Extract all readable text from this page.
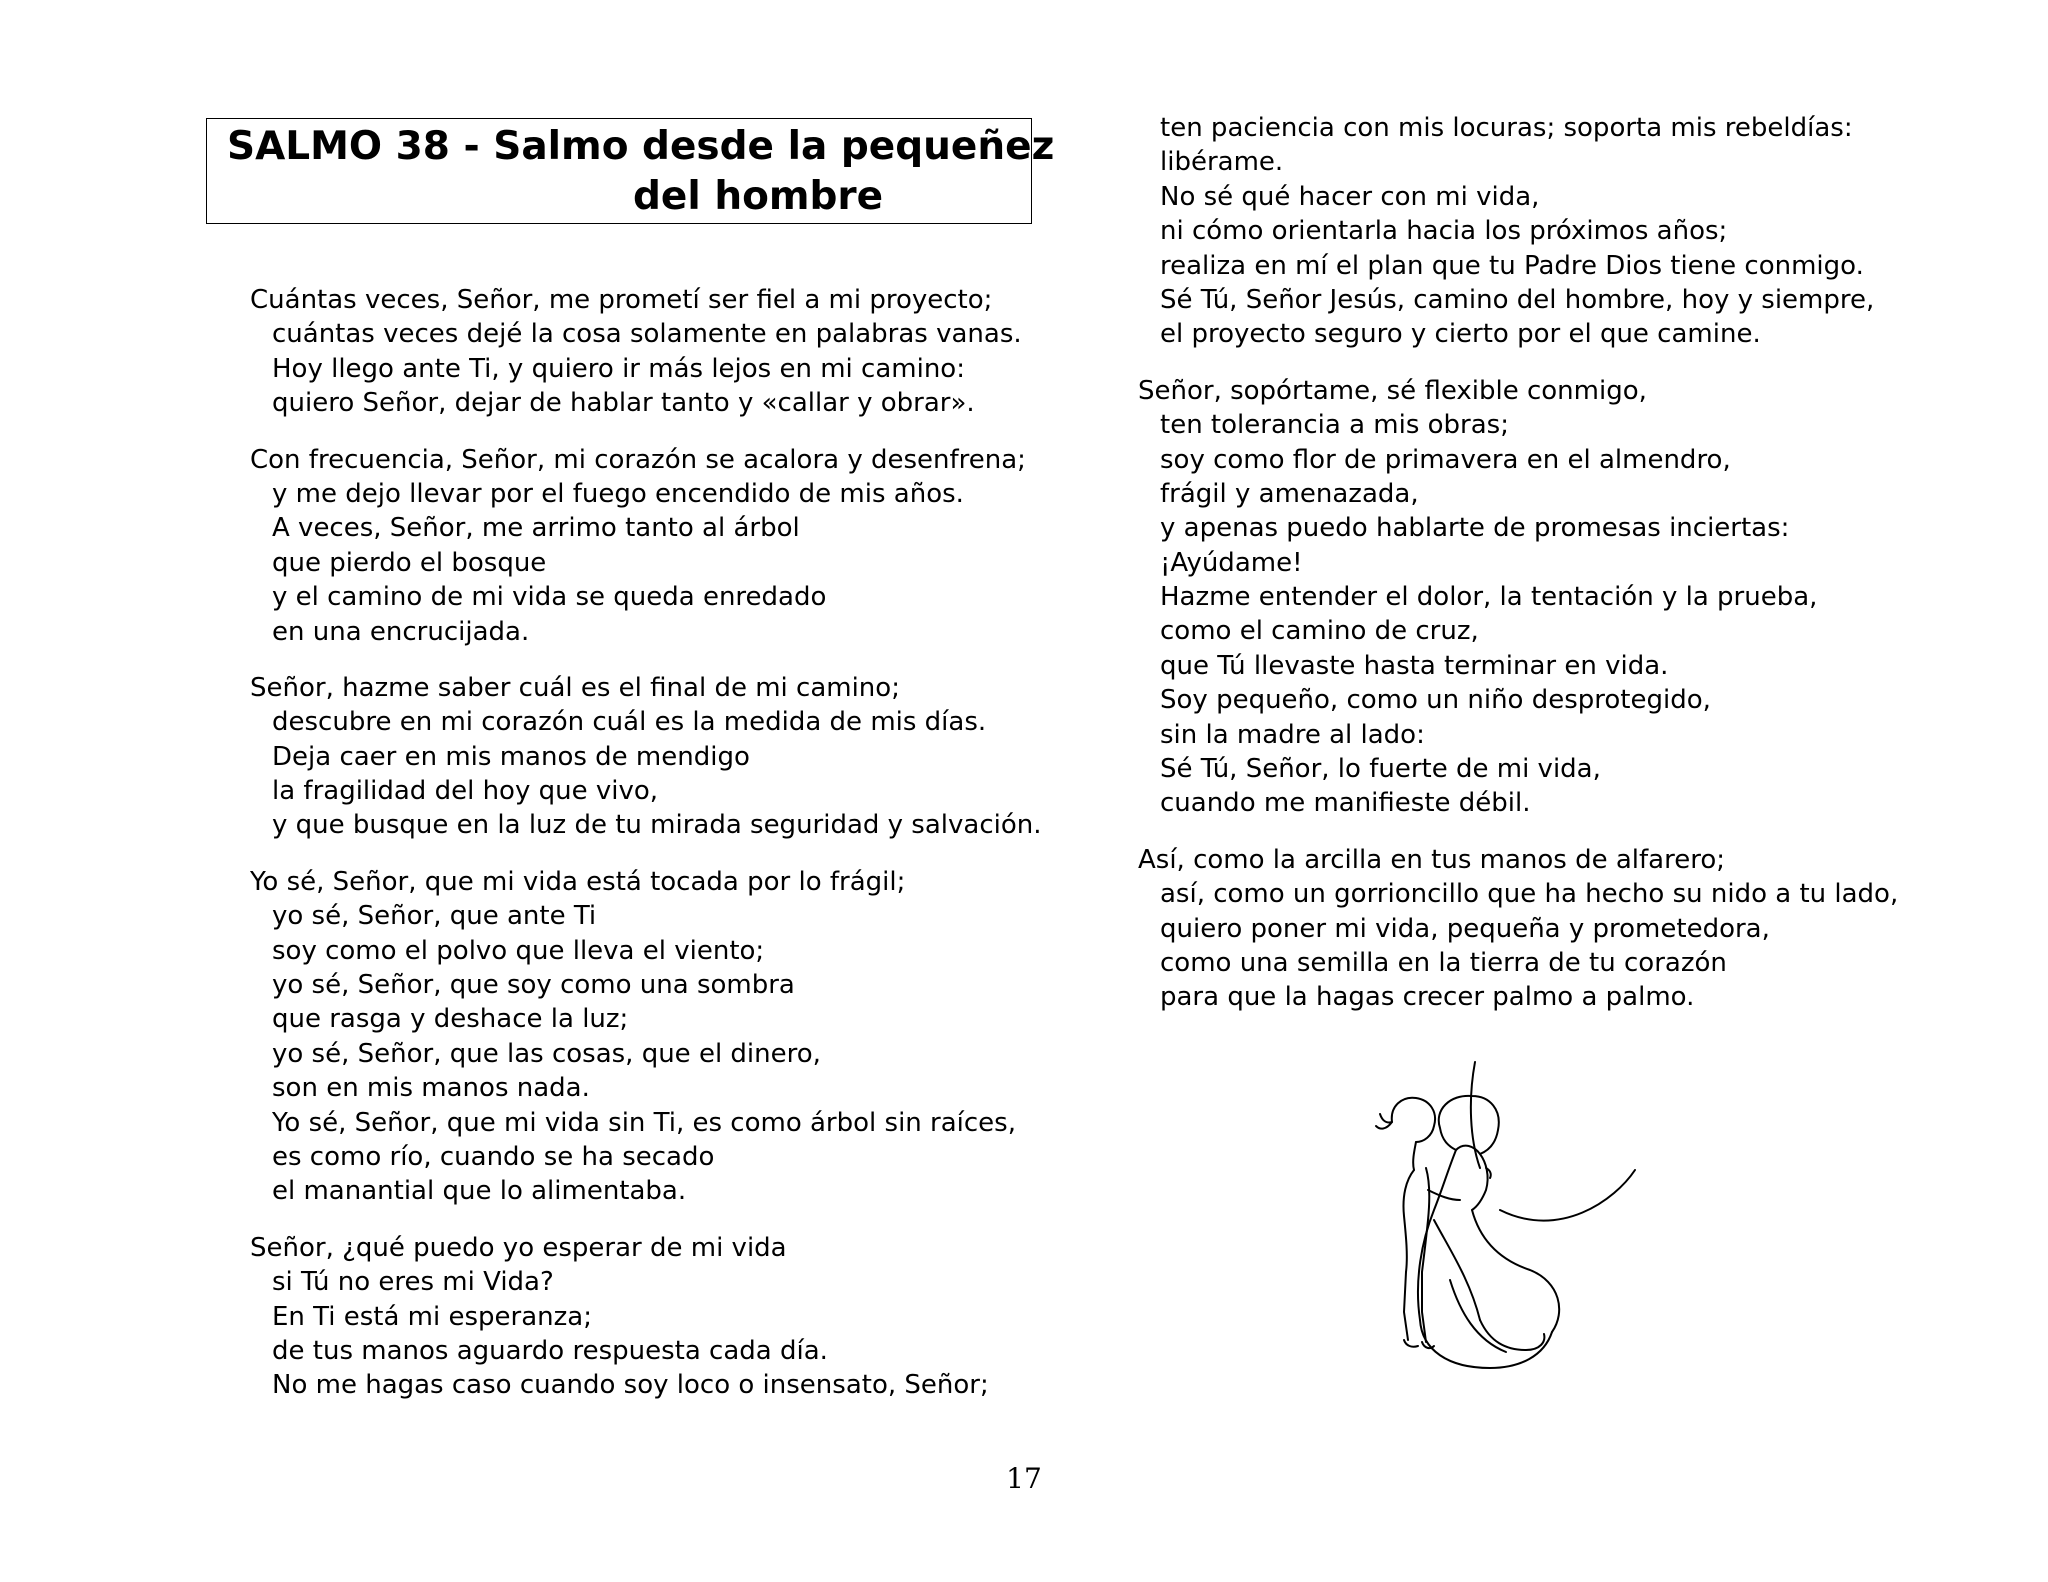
SALMO 38 - Salmo desde la pequeñez
del hombre
Cuántas veces, Señor, me prometí ser fiel a mi proyecto;
cuántas veces dejé la cosa solamente en palabras vanas.
Hoy llego ante Ti, y quiero ir más lejos en mi camino:
quiero Señor, dejar de hablar tanto y «callar y obrar».
Con frecuencia, Señor, mi corazón se acalora y desenfrena;
y me dejo llevar por el fuego encendido de mis años.
A veces, Señor, me arrimo tanto al árbol
que pierdo el bosque
y el camino de mi vida se queda enredado
en una encrucijada.
Señor, hazme saber cuál es el final de mi camino;
descubre en mi corazón cuál es la medida de mis días.
Deja caer en mis manos de mendigo
la fragilidad del hoy que vivo,
y que busque en la luz de tu mirada seguridad y salvación.
Yo sé, Señor, que mi vida está tocada por lo frágil;
yo sé, Señor, que ante Ti
soy como el polvo que lleva el viento;
yo sé, Señor, que soy como una sombra
que rasga y deshace la luz;
yo sé, Señor, que las cosas, que el dinero,
son en mis manos nada.
Yo sé, Señor, que mi vida sin Ti, es como árbol sin raíces,
es como río, cuando se ha secado
el manantial que lo alimentaba.
Señor, ¿qué puedo yo esperar de mi vida
si Tú no eres mi Vida?
En Ti está mi esperanza;
de tus manos aguardo respuesta cada día.
No me hagas caso cuando soy loco o insensato, Señor;
ten paciencia con mis locuras; soporta mis rebeldías:
libérame.
No sé qué hacer con mi vida,
ni cómo orientarla hacia los próximos años;
realiza en mí el plan que tu Padre Dios tiene conmigo.
Sé Tú, Señor Jesús, camino del hombre, hoy y siempre,
el proyecto seguro y cierto por el que camine.
Señor, sopórtame, sé flexible conmigo,
ten tolerancia a mis obras;
soy como flor de primavera en el almendro,
frágil y amenazada,
y apenas puedo hablarte de promesas inciertas:
¡Ayúdame!
Hazme entender el dolor, la tentación y la prueba,
como el camino de cruz,
que Tú llevaste hasta terminar en vida.
Soy pequeño, como un niño desprotegido,
sin la madre al lado:
Sé Tú, Señor, lo fuerte de mi vida,
cuando me manifieste débil.
Así, como la arcilla en tus manos de alfarero;
así, como un gorrioncillo que ha hecho su nido a tu lado,
quiero poner mi vida, pequeña y prometedora,
como una semilla en la tierra de tu corazón
para que la hagas crecer palmo a palmo.
17
